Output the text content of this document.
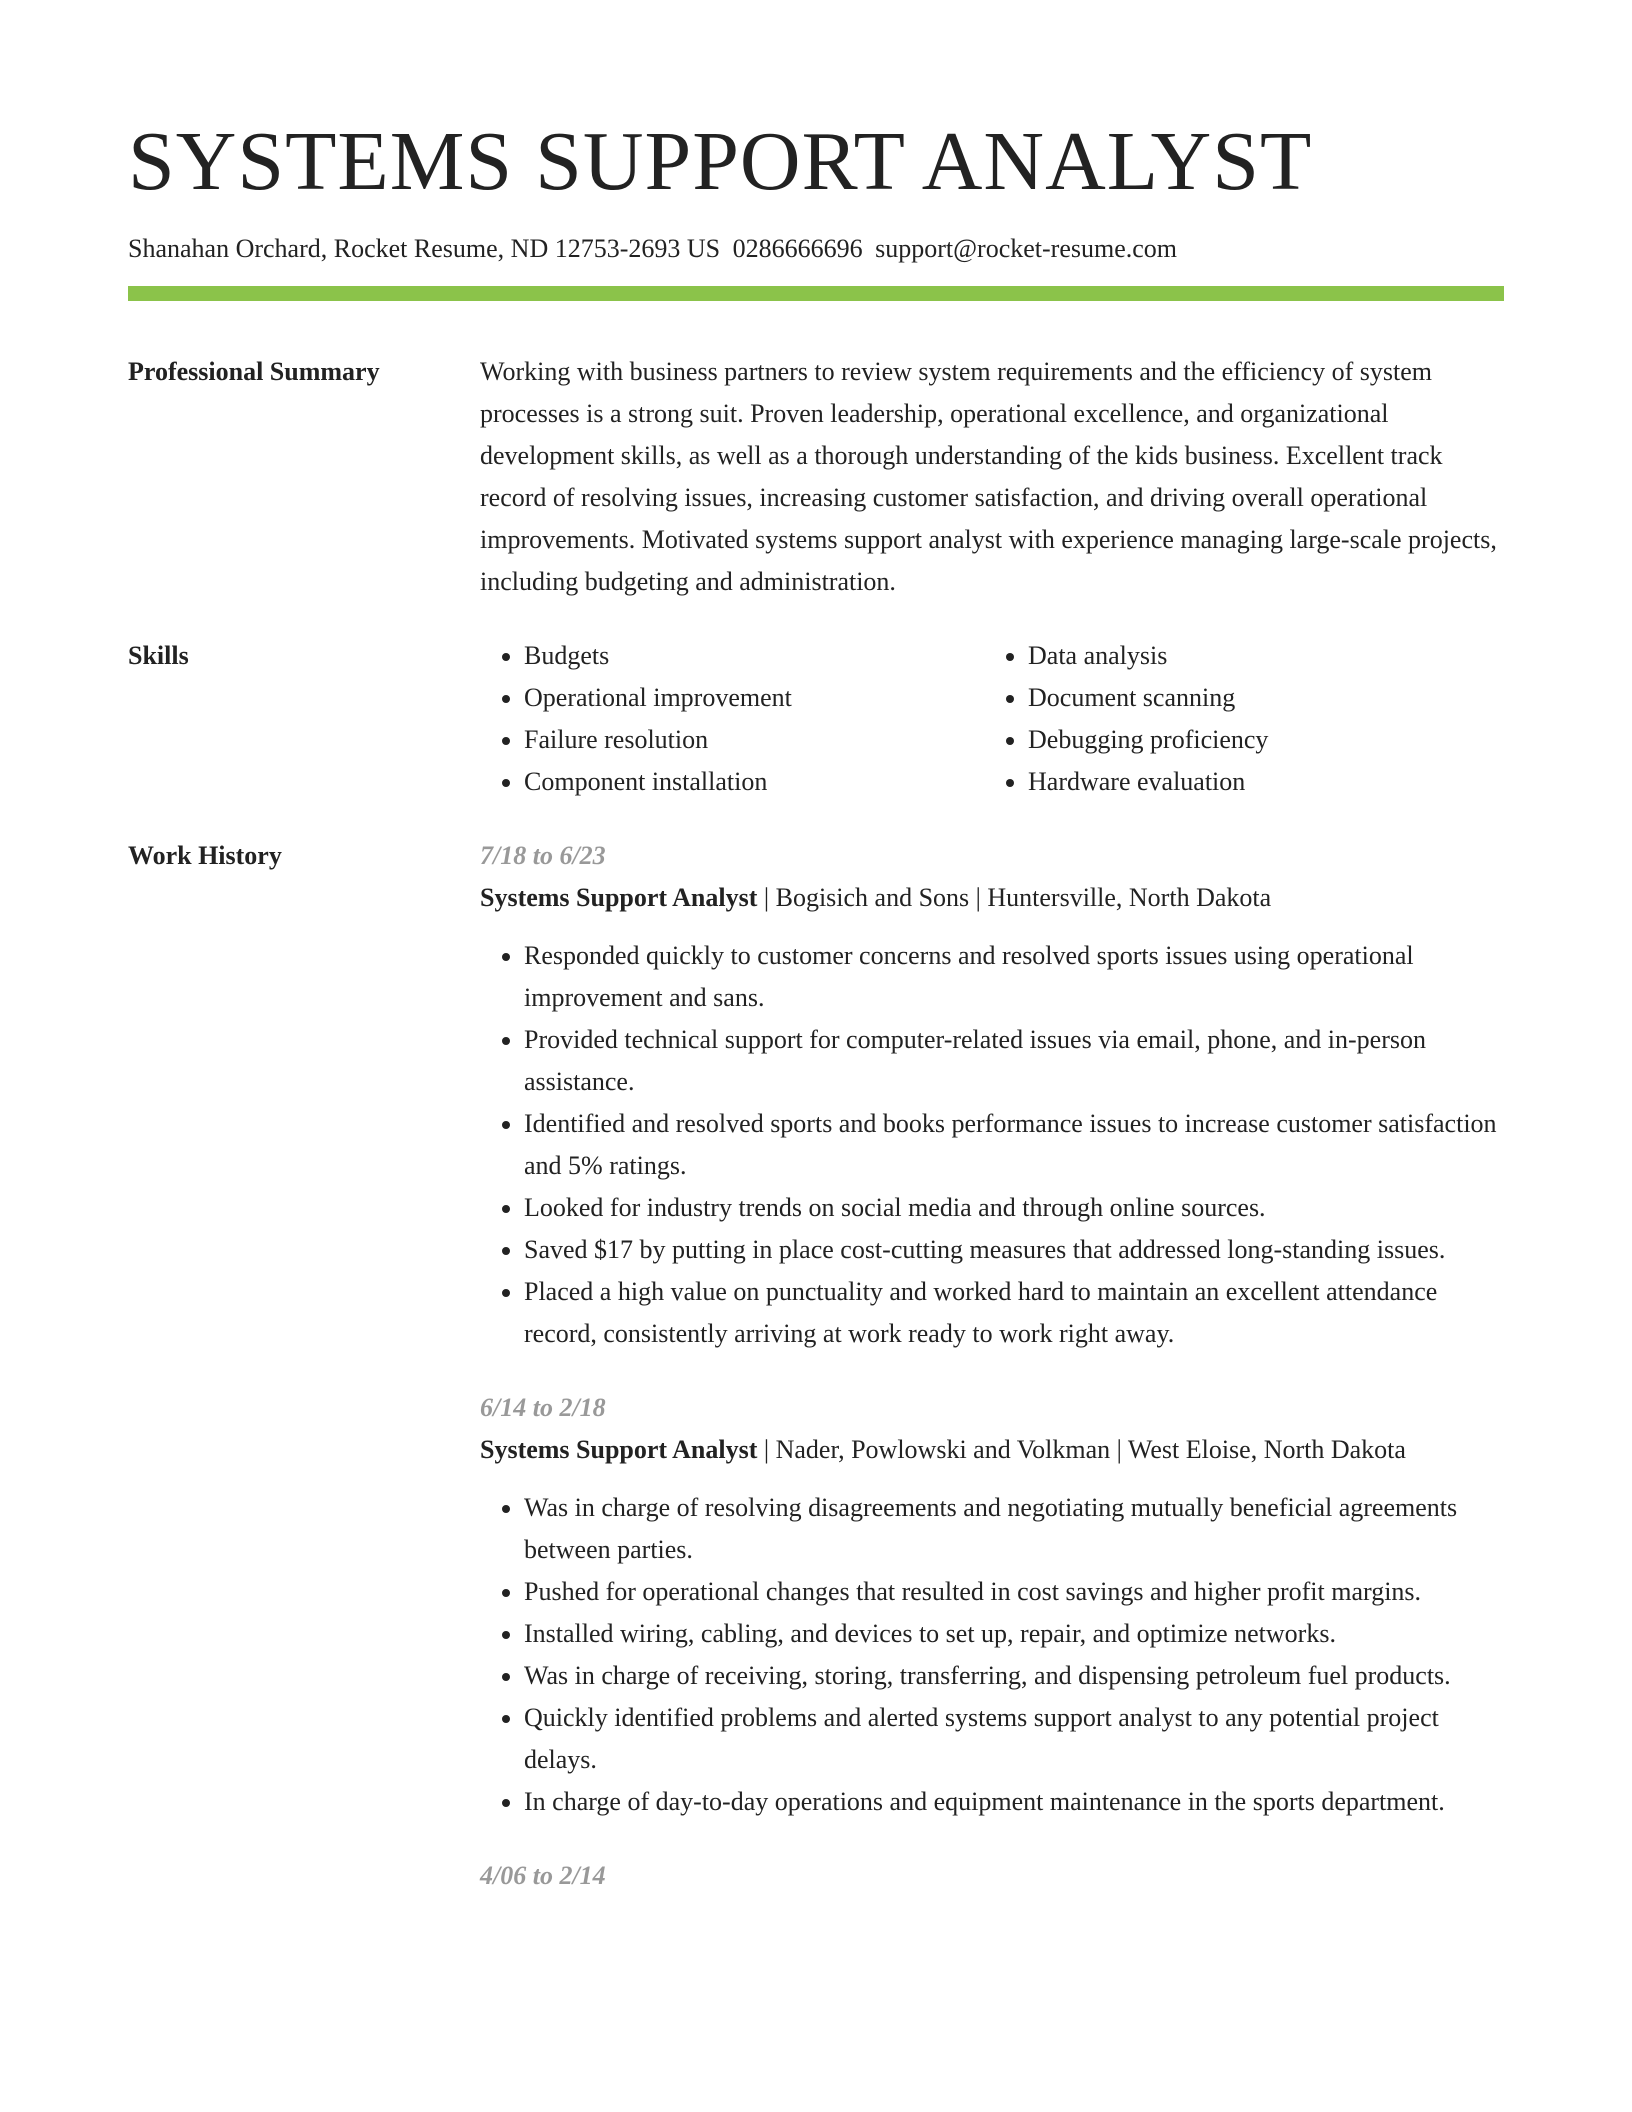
SYSTEMS SUPPORT ANALYST
Shanahan Orchard, Rocket Resume, ND 12753-2693 US 0286666696 support@rocket-resume.com
Professional Summary	Working with business partners to review system requirements and the efficiency of system processes is a strong suit. Proven leadership, operational excellence, and organizational development skills, as well as a thorough understanding of the kids business. Excellent track record of resolving issues, increasing customer satisfaction, and driving overall operational improvements. Motivated systems support analyst with experience managing large-scale projects, including budgeting and administration.

Skills
•	Budgets
• Operational improvement
• Failure resolution
• Component installation
• Data analysis
• Document scanning
• Debugging proficiency
• Hardware evaluation
Work History	7/18 to 6/23
Systems Support Analyst | Bogisich and Sons | Huntersville, North Dakota
• Responded quickly to customer concerns and resolved sports issues using operational improvement and sans.
• Provided technical support for computer-related issues via email, phone, and in-person assistance.
• Identified and resolved sports and books performance issues to increase customer satisfaction and 5% ratings.
• Looked for industry trends on social media and through online sources.
• Saved $17 by putting in place cost-cutting measures that addressed long-standing issues.
• Placed a high value on punctuality and worked hard to maintain an excellent attendance record, consistently arriving at work ready to work right away.
6/14 to 2/18
Systems Support Analyst | Nader, Powlowski and Volkman | West Eloise, North Dakota
• Was in charge of resolving disagreements and negotiating mutually beneficial agreements between parties.
• Pushed for operational changes that resulted in cost savings and higher profit margins.
• Installed wiring, cabling, and devices to set up, repair, and optimize networks.
• Was in charge of receiving, storing, transferring, and dispensing petroleum fuel products.
• Quickly identified problems and alerted systems support analyst to any potential project delays.
• In charge of day-to-day operations and equipment maintenance in the sports department.
4/06 to 2/14
